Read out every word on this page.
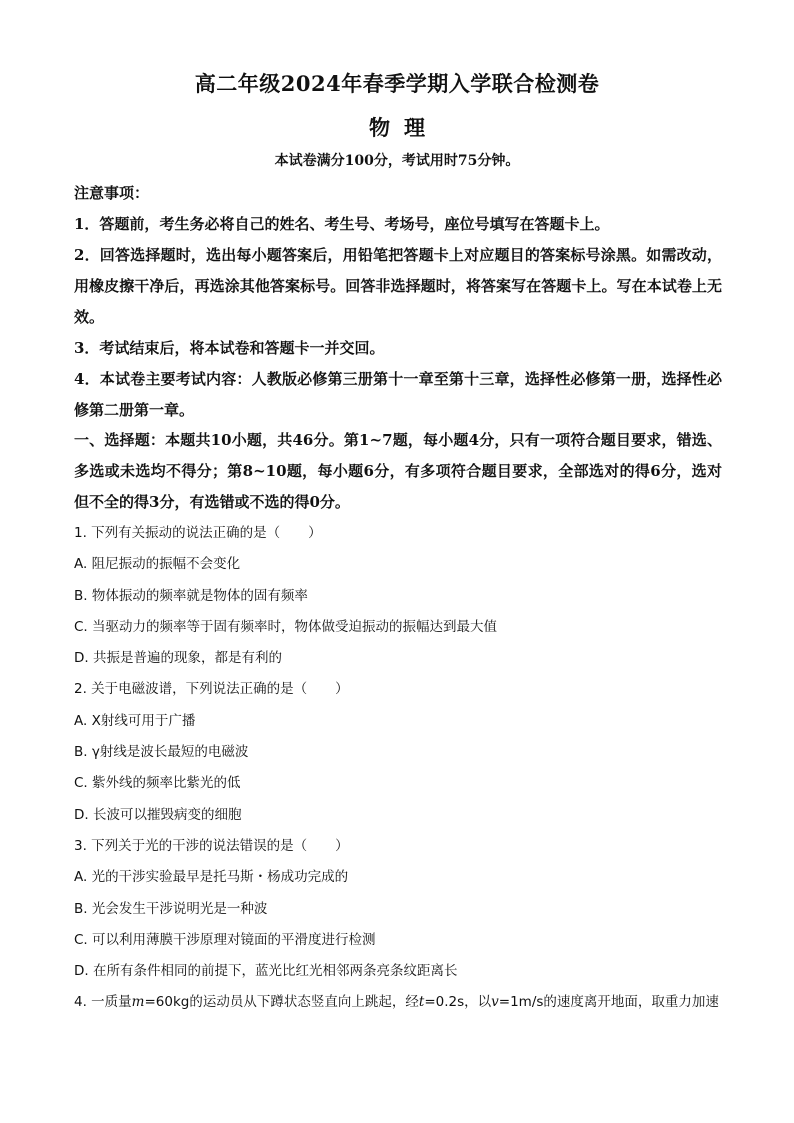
高二年级2024年春季学期入学联合检测卷
物理
本试卷满分100分，考试用时75分钟。
注意事项：
1．答题前，考生务必将自己的姓名、考生号、考场号，座位号填写在答题卡上。
2．回答选择题时，选出每小题答案后，用铅笔把答题卡上对应题目的答案标号涂黑。如需改动，用橡皮擦干净后，再选涂其他答案标号。回答非选择题时，将答案写在答题卡上。写在本试卷上无效。
3．考试结束后，将本试卷和答题卡一并交回。
4．本试卷主要考试内容：人教版必修第三册第十一章至第十三章，选择性必修第一册，选择性必修第二册第一章。
一、选择题：本题共10小题，共46分。第1~7题，每小题4分，只有一项符合题目要求，错选、多选或未选均不得分；第8~10题，每小题6分，有多项符合题目要求，全部选对的得6分，选对但不全的得3分，有选错或不选的得0分。
1. 下列有关振动的说法正确的是（ ）
A. 阻尼振动的振幅不会变化
B. 物体振动的频率就是物体的固有频率
C. 当驱动力的频率等于固有频率时，物体做受迫振动的振幅达到最大值
D. 共振是普遍的现象，都是有利的
2. 关于电磁波谱，下列说法正确的是（ ）
A. X射线可用于广播
B. γ射线是波长最短的电磁波
C. 紫外线的频率比紫光的低
D. 长波可以摧毁病变的细胞
3. 下列关于光的干涉的说法错误的是（ ）
A. 光的干涉实验最早是托马斯・杨成功完成的
B. 光会发生干涉说明光是一种波
C. 可以利用薄膜干涉原理对镜面的平滑度进行检测
D. 在所有条件相同的前提下，蓝光比红光相邻两条亮条纹距离长
4. 一质量m=60kg的运动员从下蹲状态竖直向上跳起，经t=0.2s，以v=1m/s的速度离开地面，取重力加速
